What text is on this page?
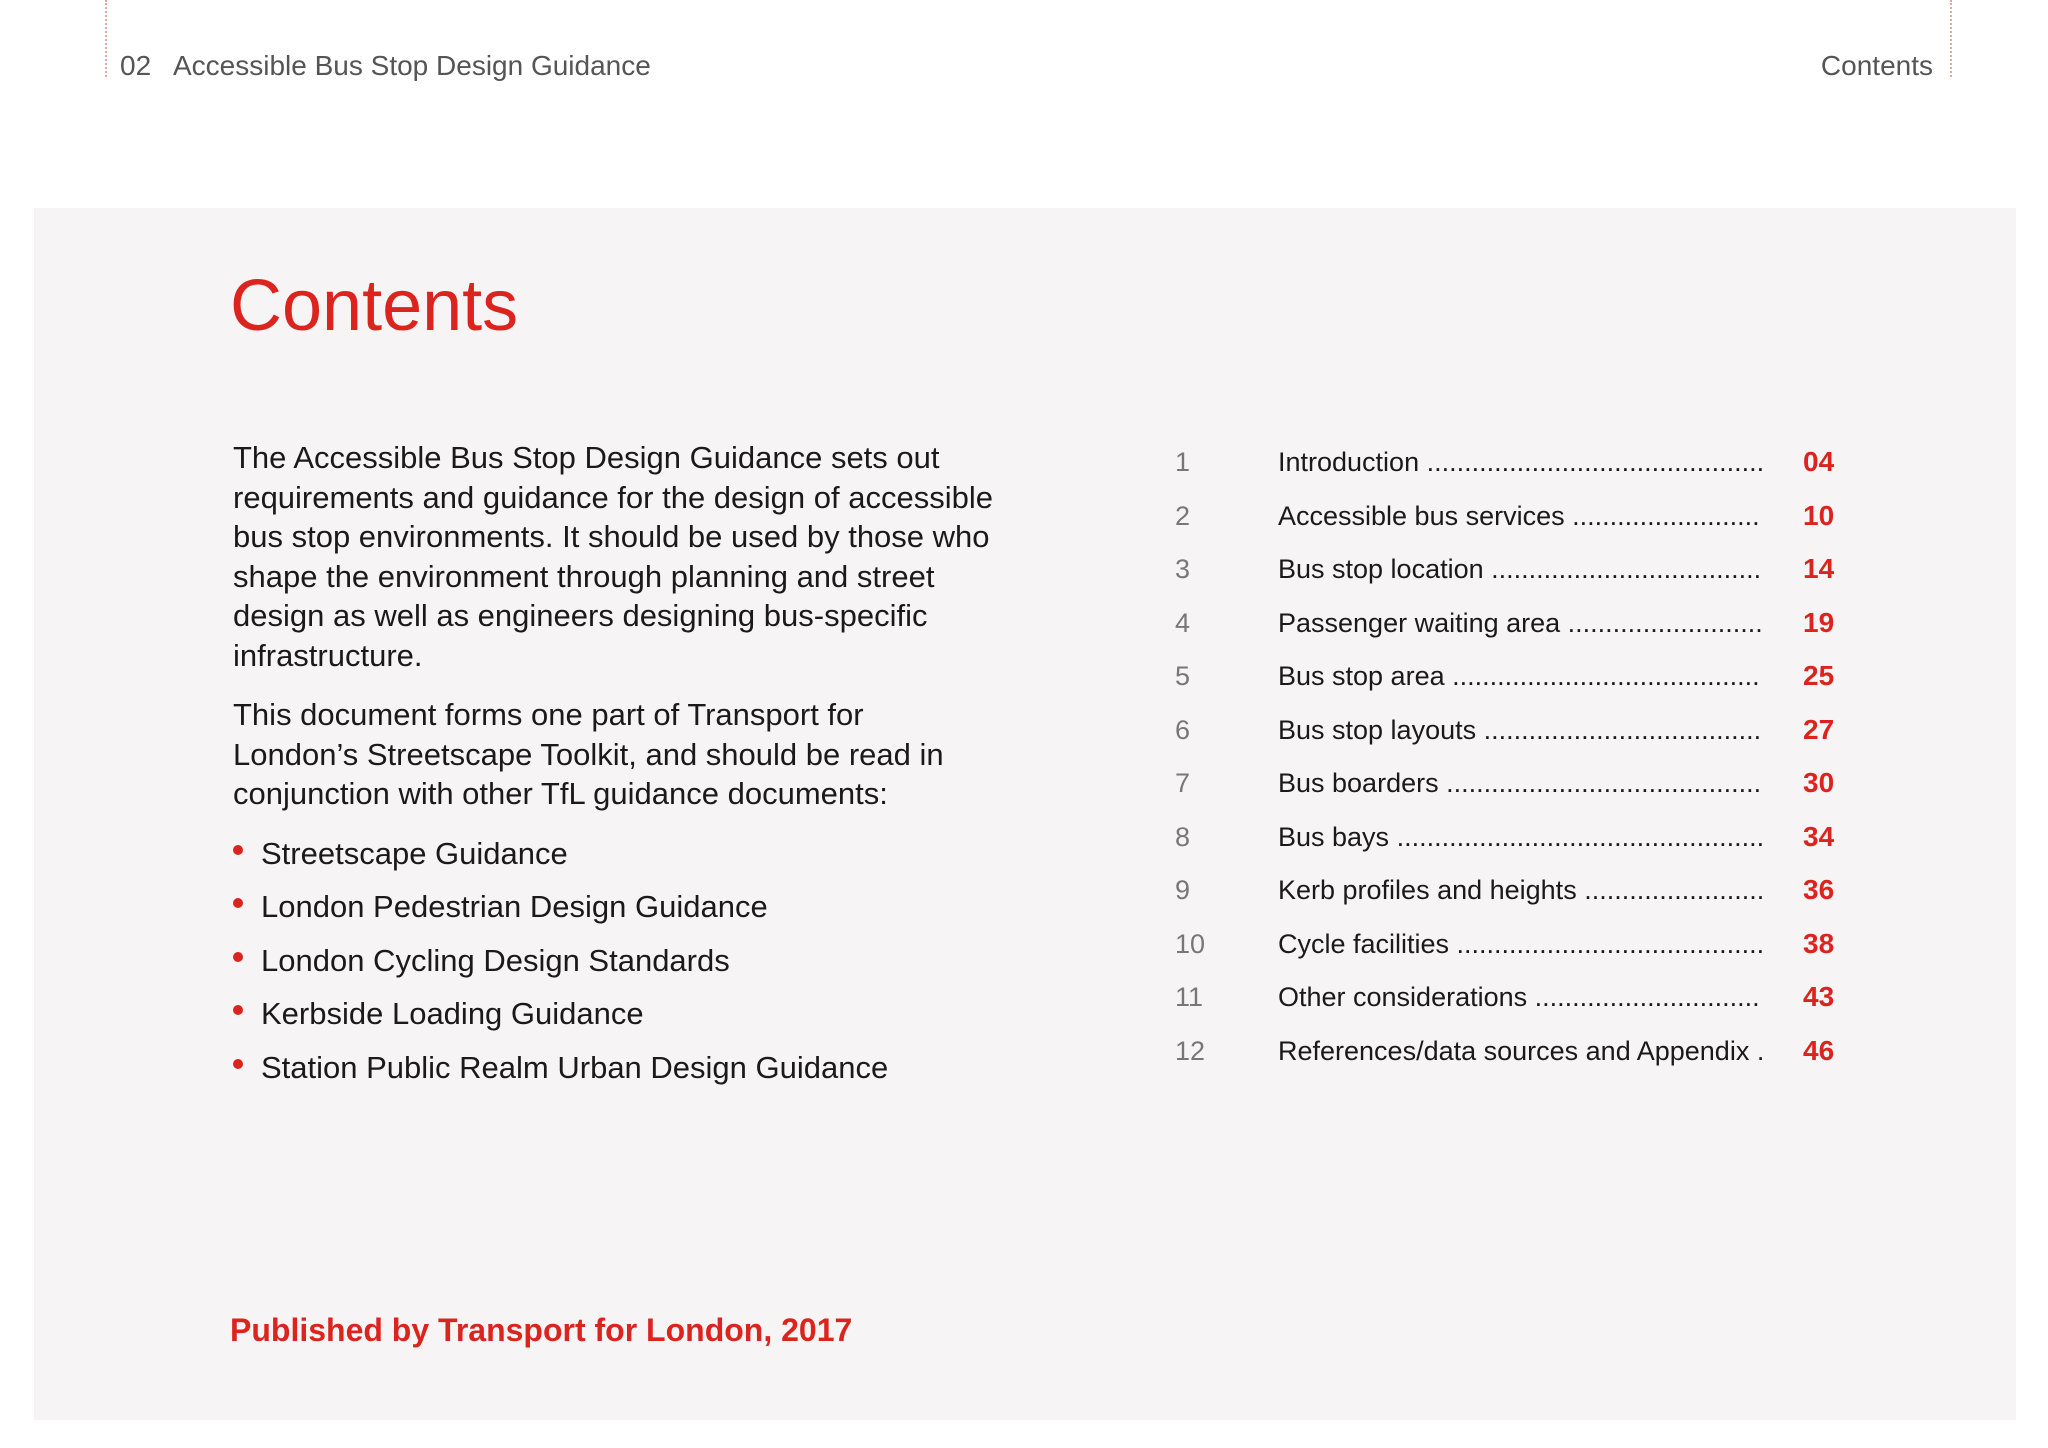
02 Accessible Bus Stop Design Guidance	Contents
Contents

The Accessible Bus Stop Design Guidance sets out requirements and guidance for the design of accessible bus stop environments. It should be used by those who shape the environment through planning and street design as well as engineers designing bus-specific infrastructure.

This document forms one part of Transport for London’s Streetscape Toolkit, and should be read in conjunction with other TfL guidance documents:

Streetscape Guidance
London Pedestrian Design Guidance
London Cycling Design Standards
Kerbside Loading Guidance
Station Public Realm Urban Design Guidance
1	Introduction .....	04
2	Accessible bus services .....	10
3	Bus stop location .....	14
4	Passenger waiting area .....	19
5	Bus stop area .....	25
6	Bus stop layouts .....	27
7	Bus boarders .....	30
8	Bus bays .....	34
9	Kerb profiles and heights .....	36
10	Cycle facilities .....	38
11	Other considerations .....	43
12	References/data sources and Appendix .....	46
Published by Transport for London, 2017
